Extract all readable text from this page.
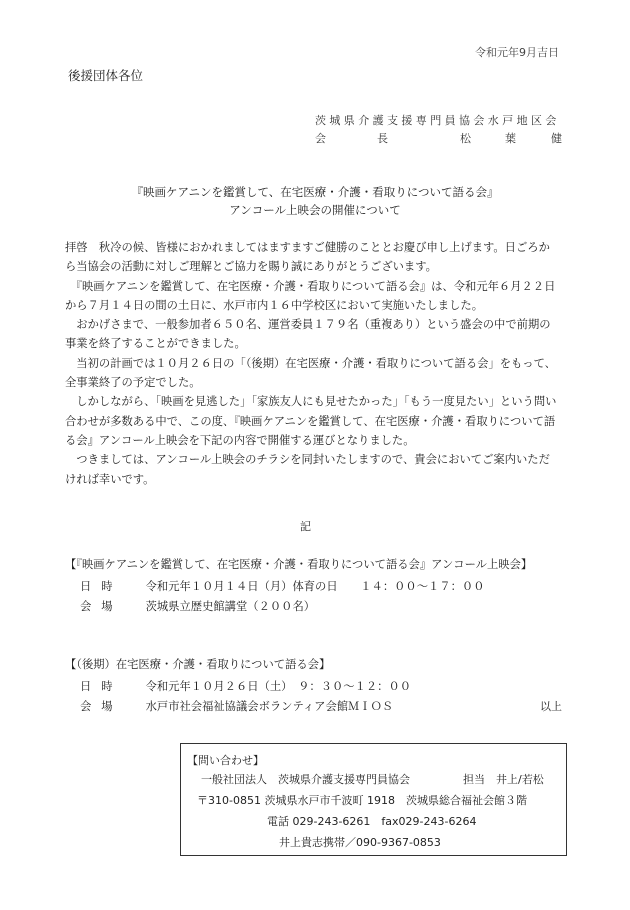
令和元年9月吉日
後援団体各位
茨城県介護支援専門員協会水戸地区会
会	長	松	葉	健
『映画ケアニンを鑑賞して、在宅医療・介護・看取りについて語る会』
アンコール上映会の開催について

拝啓　秋冷の候、皆様におかれましてはますますご健勝のこととお慶び申し上げます。日ごろか

ら当協会の活動に対しご理解とご協力を賜り誠にありがとうございます。

　『映画ケアニンを鑑賞して、在宅医療・介護・看取りについて語る会』は、令和元年６月２２日

から７月１４日の間の土日に、水戸市内１６中学校区において実施いたしました。

　おかげさまで、一般参加者６５０名、運営委員１７９名（重複あり）という盛会の中で前期の

事業を終了することができました。

　当初の計画では１０月２６日の「（後期）在宅医療・介護・看取りについて語る会」をもって、

全事業終了の予定でした。

　しかしながら、「映画を見逃した」「家族友人にも見せたかった」「もう一度見たい」という問い

合わせが多数ある中で、この度、『映画ケアニンを鑑賞して、在宅医療・介護・看取りについて語

る会』アンコール上映会を下記の内容で開催する運びとなりました。

　つきましては、アンコール上映会のチラシを同封いたしますので、貴会においてご案内いただ

ければ幸いです。

記
【『映画ケアニンを鑑賞して、在宅医療・介護・看取りについて語る会』アンコール上映会】
日時 令和元年１０月１４日（月）体育の日　　１４：００～１７：００
会場 茨城県立歴史館講堂（２００名）
【（後期）在宅医療・介護・看取りについて語る会】
日時 令和元年１０月２６日（土）　９：３０～１２：００
会場 水戸市社会福祉協議会ボランティア会館ＭＩＯＳ	以上
【問い合わせ】
一般社団法人　茨城県介護支援専門員協会	担当　井上/若松
〒310-0851 茨城県水戸市千波町 1918　茨城県総合福祉会館３階
電話 029-243-6261　fax029-243-6264
井上貴志携帯／090-9367-0853
